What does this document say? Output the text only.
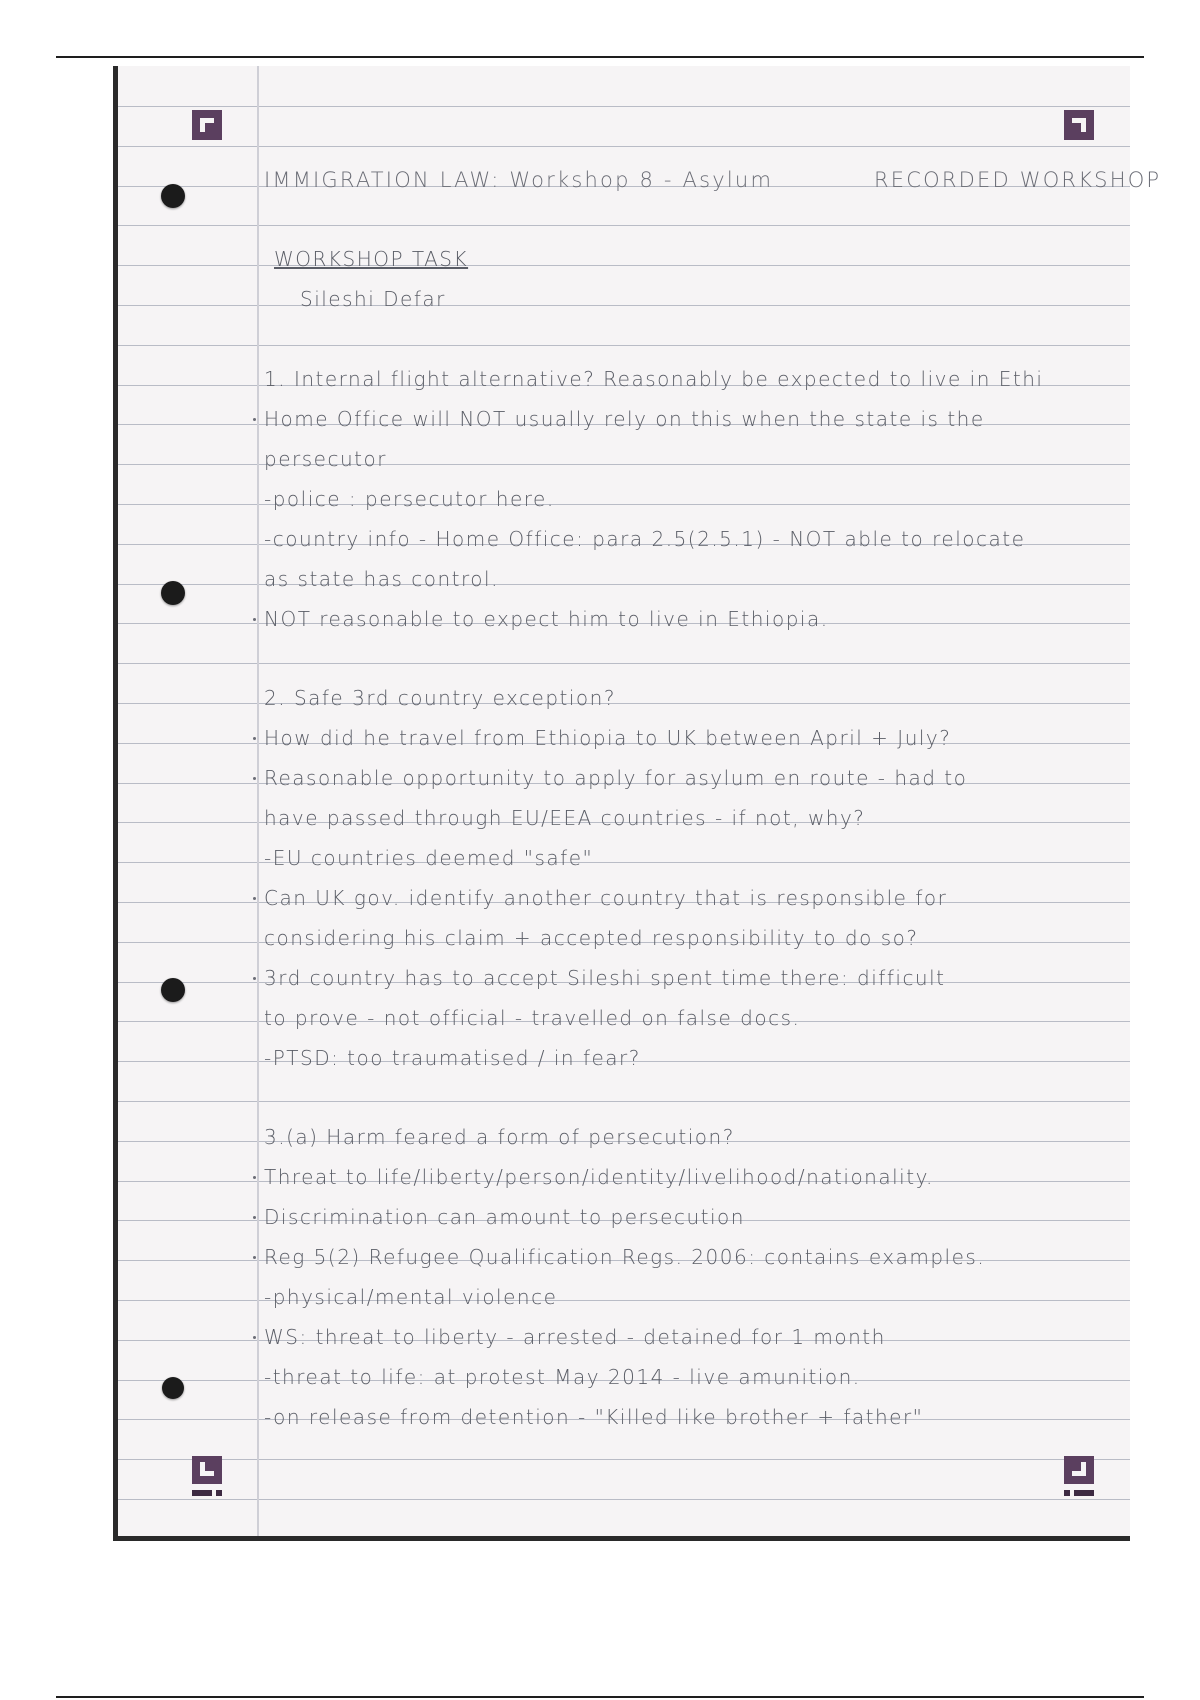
IMMIGRATION LAW: Workshop 8 - Asylum	RECORDED WORKSHOP
WORKSHOP TASK
Sileshi Defar
1. Internal flight alternative? Reasonably be expected to live in Ethi
Home Office will NOT usually rely on this when the state is the
persecutor
-police : persecutor here.
-country info - Home Office: para 2.5(2.5.1) - NOT able to relocate
as state has control.
NOT reasonable to expect him to live in Ethiopia.
2. Safe 3rd country exception?
How did he travel from Ethiopia to UK between April + July?
Reasonable opportunity to apply for asylum en route - had to
have passed through EU/EEA countries - if not, why?
-EU countries deemed "safe"
Can UK gov. identify another country that is responsible for
considering his claim + accepted responsibility to do so?
3rd country has to accept Sileshi spent time there: difficult
to prove - not official - travelled on false docs.
-PTSD: too traumatised / in fear?
3.(a) Harm feared a form of persecution?
Threat to life/liberty/person/identity/livelihood/nationality.
Discrimination can amount to persecution
Reg 5(2) Refugee Qualification Regs. 2006: contains examples.
-physical/mental violence
WS: threat to liberty - arrested - detained for 1 month
-threat to life: at protest May 2014 - live amunition.
-on release from detention - "Killed like brother + father"
